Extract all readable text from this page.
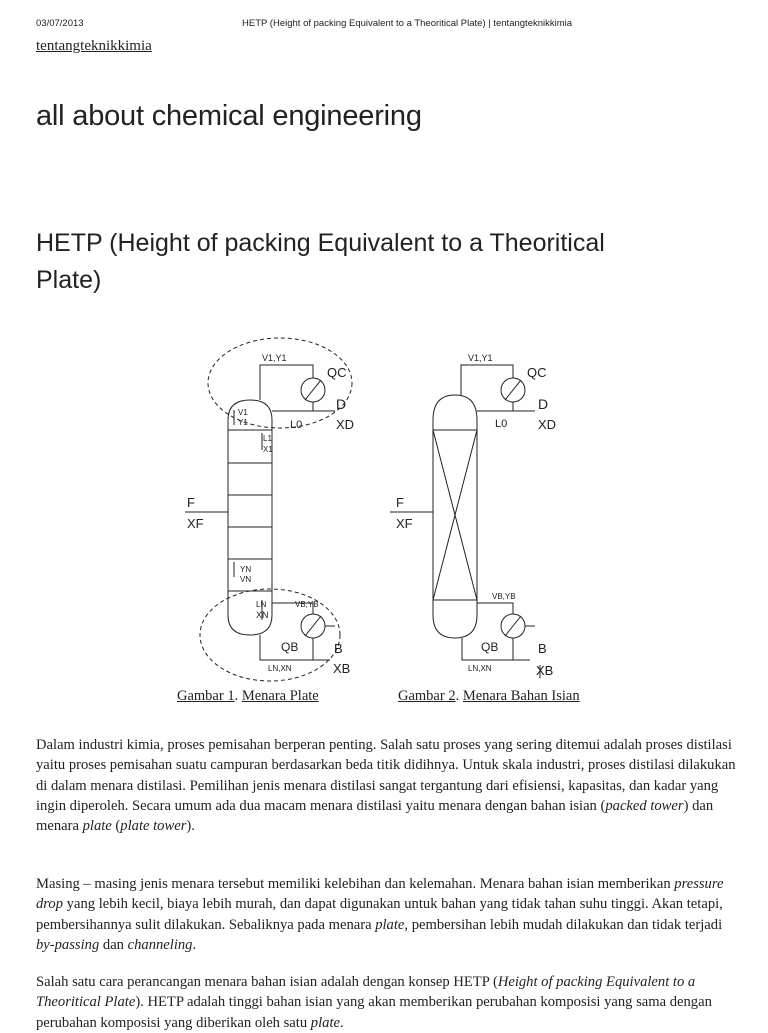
03/07/2013	HETP (Height of packing Equivalent to a Theoritical Plate) | tentangteknikkimia
tentangteknikkimia
all about chemical engineering
HETP (Height of packing Equivalent to a Theoritical Plate)
V1,Y1
QC
D
XD
L0
V1
Y1
L1
X1
F
XF
YN
VN
LN
XN
VB,YB
QB	B
LN,XN	XB
V1,Y1
QC
D
L0 XD
F
XF
VB,YB
QB	B
LN,XN	XB
Gambar 1. Menara Plate	Gambar 2. Menara Bahan Isian

Dalam industri kimia, proses pemisahan berperan penting. Salah satu proses yang sering ditemui adalah proses distilasi yaitu proses pemisahan suatu campuran berdasarkan beda titik didihnya. Untuk skala industri, proses distilasi dilakukan di dalam menara distilasi. Pemilihan jenis menara distilasi sangat tergantung dari efisiensi, kapasitas, dan kadar yang ingin diperoleh. Secara umum ada dua macam menara distilasi yaitu menara dengan bahan isian (packed tower) dan menara plate (plate tower).

Masing – masing jenis menara tersebut memiliki kelebihan dan kelemahan. Menara bahan isian memberikan pressure drop yang lebih kecil, biaya lebih murah, dan dapat digunakan untuk bahan yang tidak tahan suhu tinggi. Akan tetapi, pembersihannya sulit dilakukan. Sebaliknya pada menara plate, pembersihan lebih mudah dilakukan dan tidak terjadi by-passing dan channeling.

Salah satu cara perancangan menara bahan isian adalah dengan konsep HETP (Height of packing Equivalent to a Theoritical Plate). HETP adalah tinggi bahan isian yang akan memberikan perubahan komposisi yang sama dengan perubahan komposisi yang diberikan oleh satu plate.
